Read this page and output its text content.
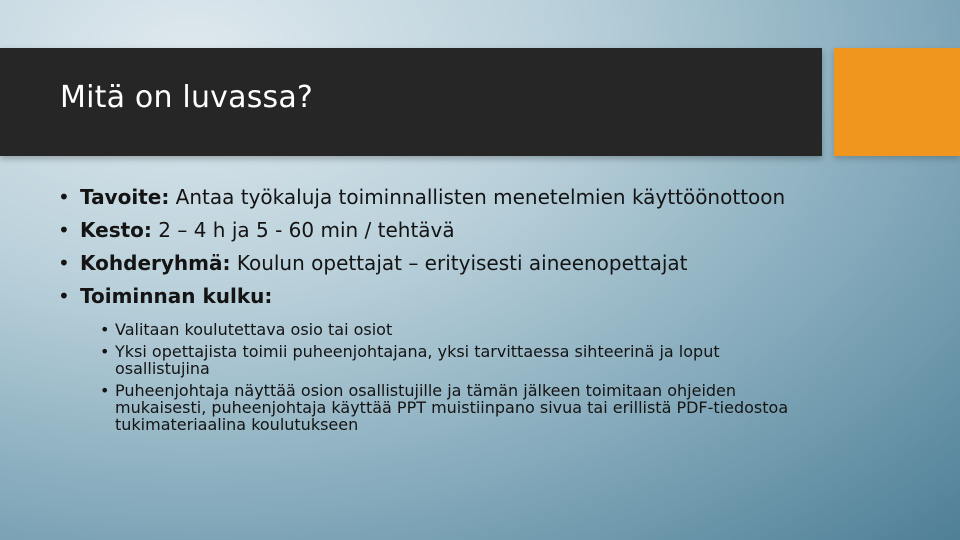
Mitä on luvassa?
• Tavoite: Antaa työkaluja toiminnallisten menetelmien käyttöönottoon
• Kesto: 2 – 4 h ja 5 - 60 min / tehtävä
• Kohderyhmä: Koulun opettajat – erityisesti aineenopettajat
• Toiminnan kulku:
• Valitaan koulutettava osio tai osiot
• Yksi opettajista toimii puheenjohtajana, yksi tarvittaessa sihteerinä ja loput osallistujina
• Puheenjohtaja näyttää osion osallistujille ja tämän jälkeen toimitaan ohjeiden mukaisesti, puheenjohtaja käyttää PPT muistiinpano sivua tai erillistä PDF-tiedostoa tukimateriaalina koulutukseen
